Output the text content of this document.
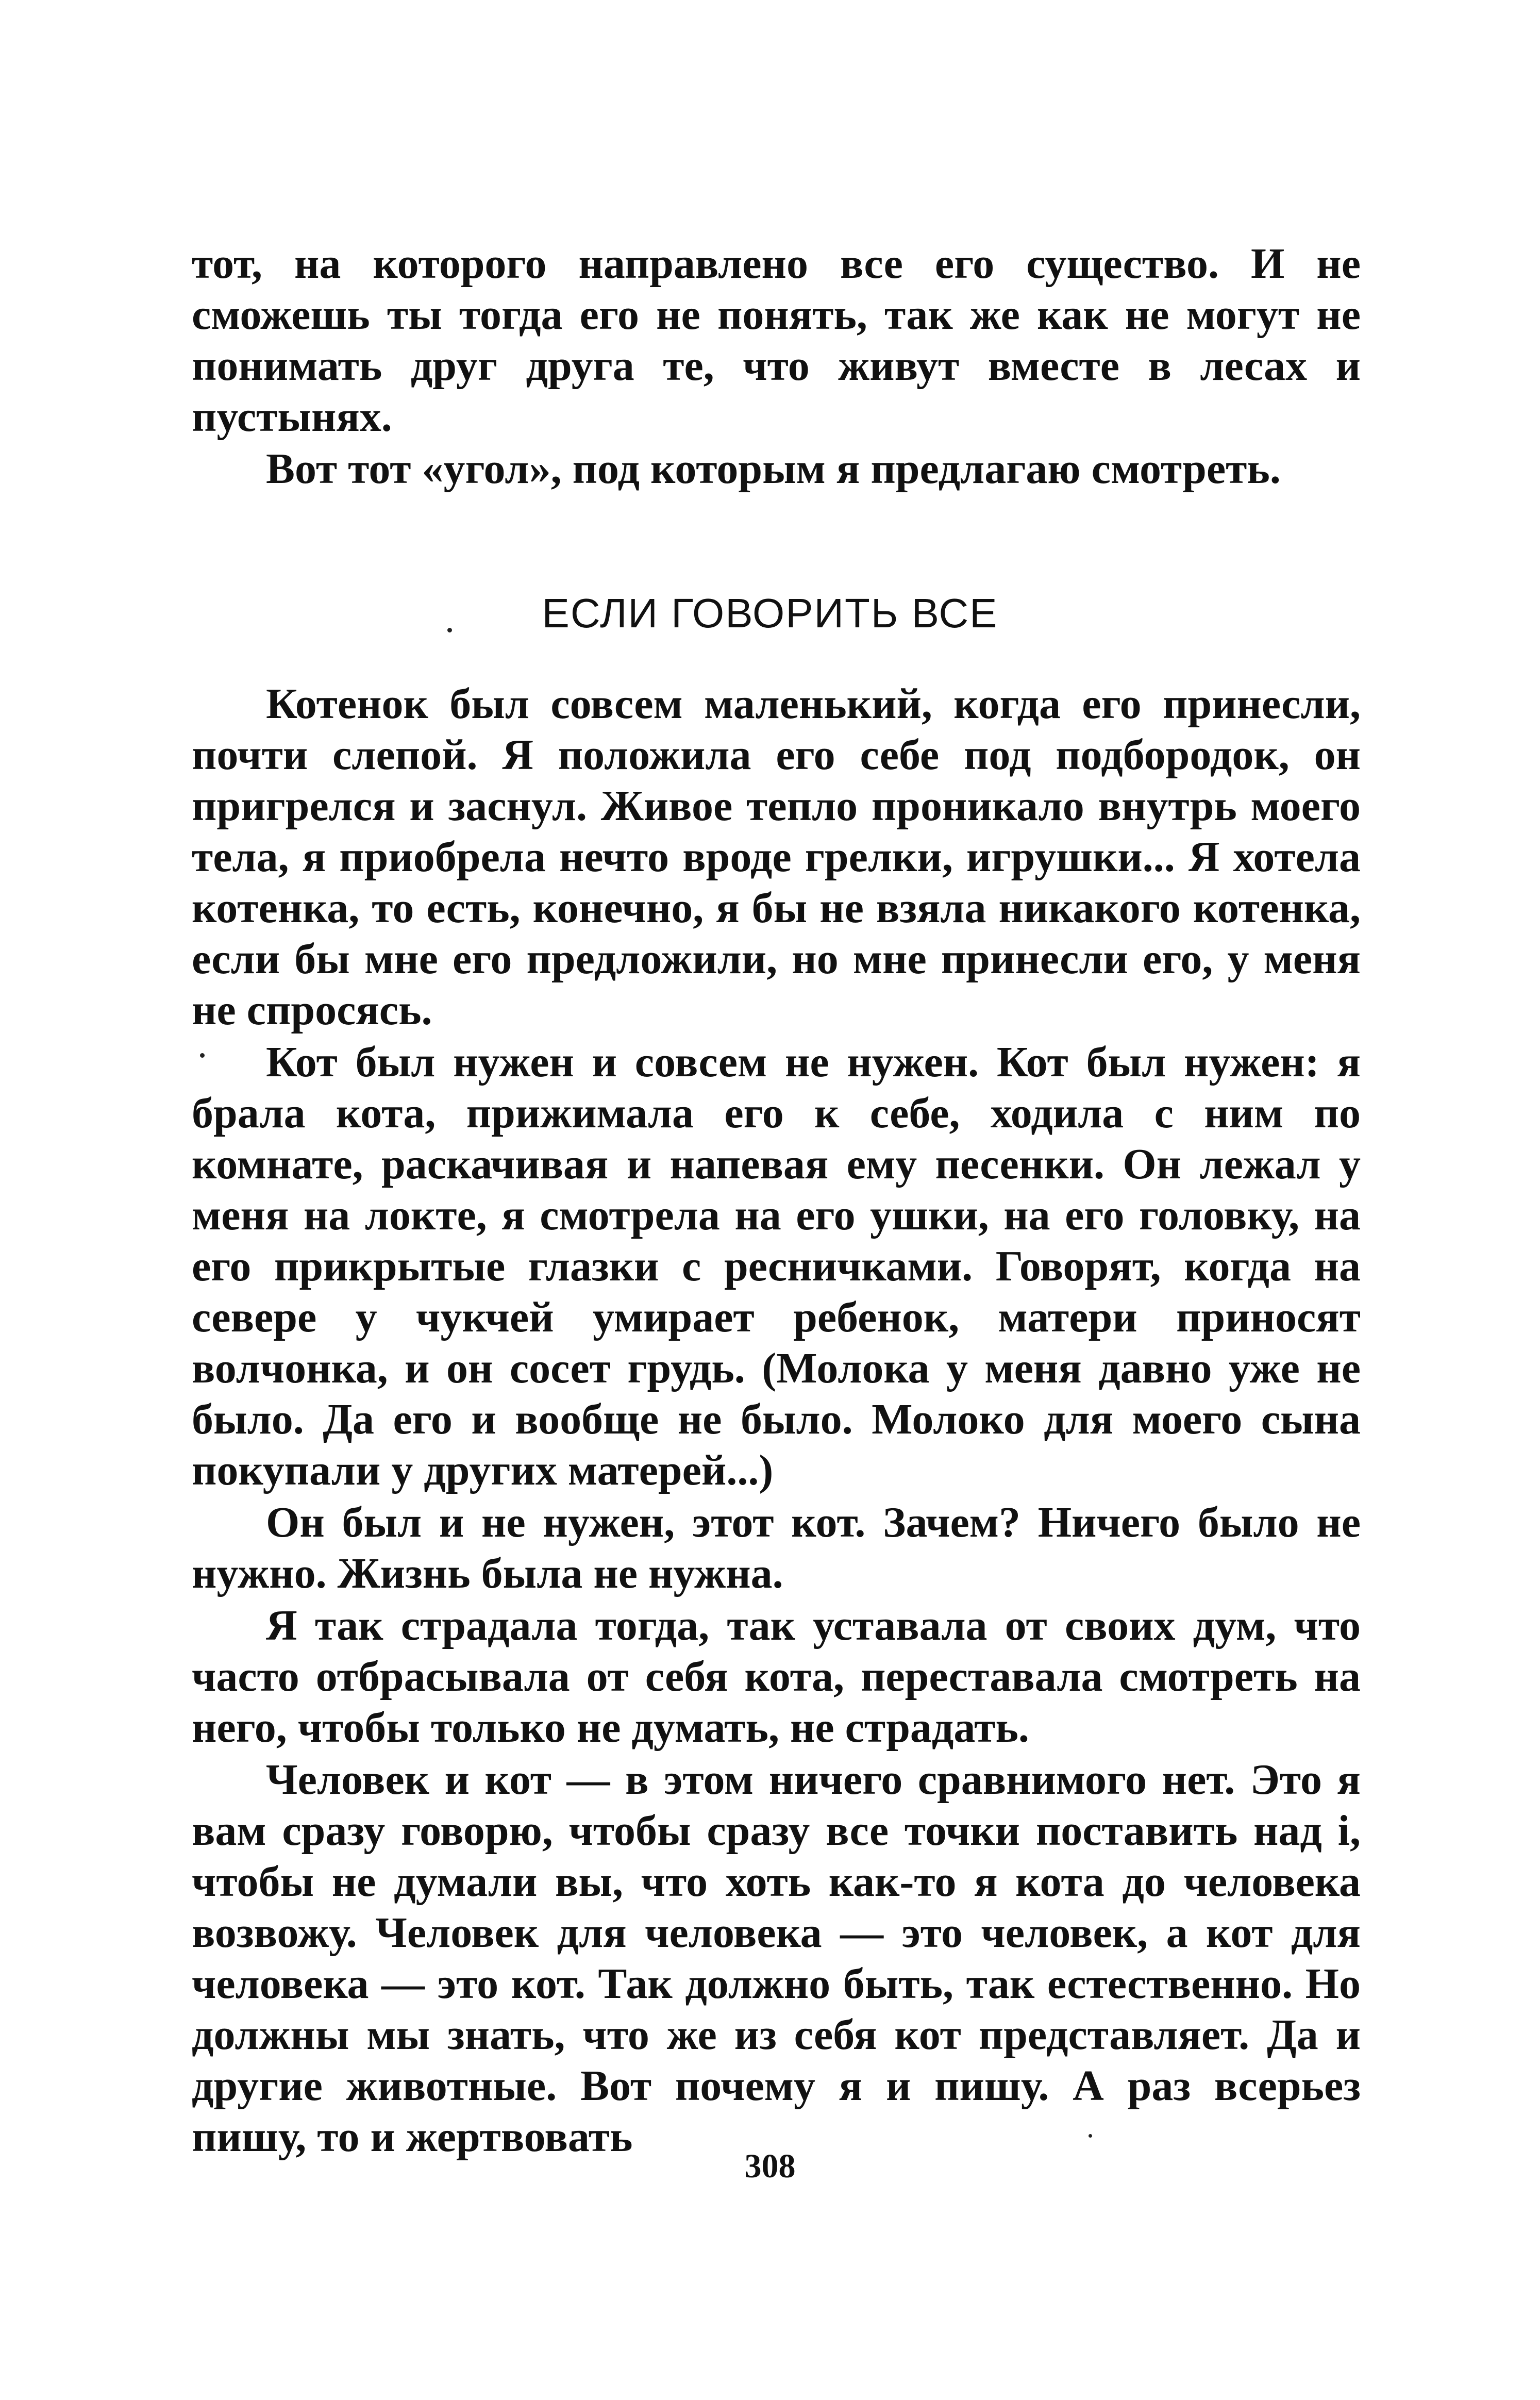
тот, на которого направлено все его существо. И не сможешь ты тогда его не понять, так же как не могут не понимать друг друга те, что живут вместе в лесах и пустынях.

Вот тот «угол», под которым я предлагаю смотреть.

ЕСЛИ ГОВОРИТЬ ВСЕ

Котенок был совсем маленький, когда его принесли, почти слепой. Я положила его себе под подбородок, он пригрелся и заснул. Живое тепло проникало внутрь моего тела, я приобрела нечто вроде грелки, игрушки... Я хотела котенка, то есть, конечно, я бы не взяла никакого котенка, если бы мне его предложили, но мне принесли его, у меня не спросясь.

Кот был нужен и совсем не нужен. Кот был нужен: я брала кота, прижимала его к себе, ходила с ним по комнате, раскачивая и напевая ему песенки. Он лежал у меня на локте, я смотрела на его ушки, на его головку, на его прикрытые глазки с ресничками. Говорят, когда на севере у чукчей умирает ребенок, матери приносят волчонка, и он сосет грудь. (Молока у меня давно уже не было. Да его и вообще не было. Молоко для моего сына покупали у других матерей...)

Он был и не нужен, этот кот. Зачем? Ничего было не нужно. Жизнь была не нужна.

Я так страдала тогда, так уставала от своих дум, что часто отбрасывала от себя кота, переставала смотреть на него, чтобы только не думать, не страдать.

Человек и кот — в этом ничего сравнимого нет. Это я вам сразу говорю, чтобы сразу все точки поставить над i, чтобы не думали вы, что хоть как-то я кота до человека возвожу. Человек для человека — это человек, а кот для человека — это кот. Так должно быть, так естественно. Но должны мы знать, что же из себя кот представляет. Да и другие животные. Вот почему я и пишу. А раз всерьез пишу, то и жертвовать

308
